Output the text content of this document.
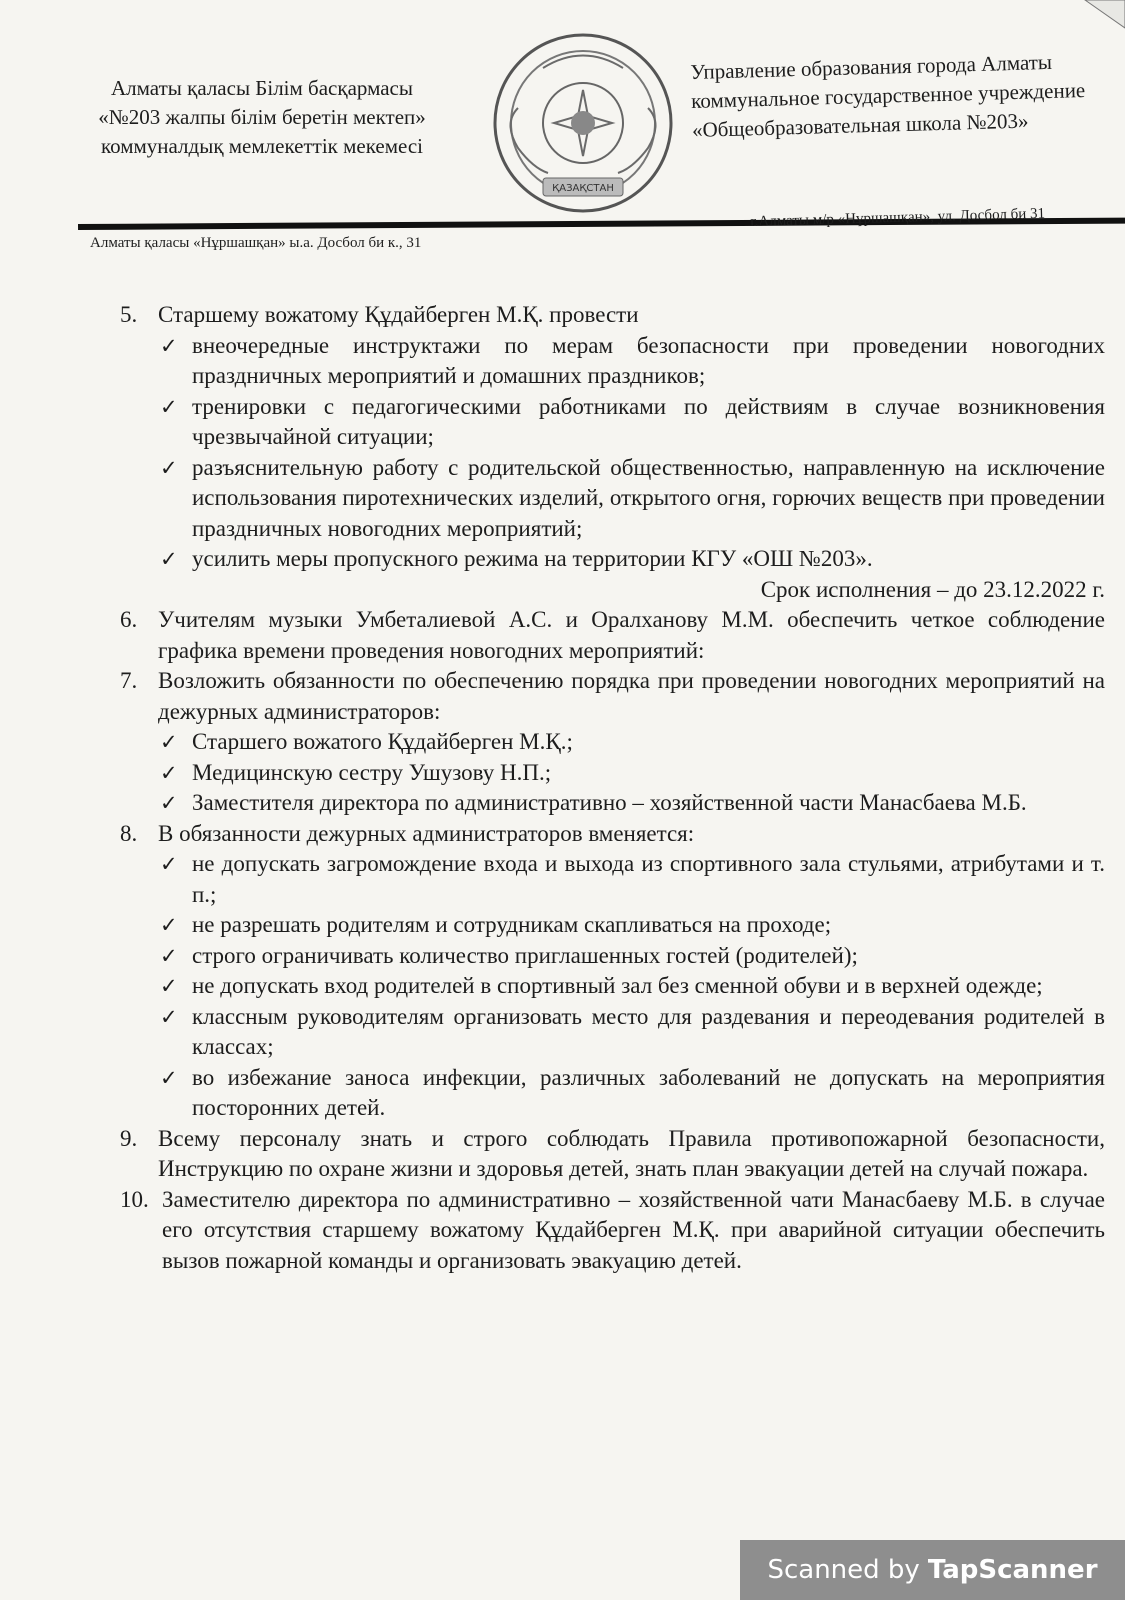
Алматы қаласы Білім басқармасы
«№203 жалпы білім беретін мектеп»
коммуналдық мемлекеттік мекемесі
ҚАЗАҚСТАН
Управление образования города Алматы
коммунальное государственное учреждение
«Общеобразовательная школа №203»
Алматы қаласы «Нұршашқан» ы.а. Досбол би к., 31
г.Алматы м/р «Нұршашқан», ул. Досбол би 31
5. Старшему вожатому Құдайберген М.Қ. провести
✓ внеочередные инструктажи по мерам безопасности при проведении новогодних праздничных мероприятий и домашних праздников;
✓ тренировки с педагогическими работниками по действиям в случае возникновения чрезвычайной ситуации;
✓ разъяснительную работу с родительской общественностью, направленную на исключение использования пиротехнических изделий, открытого огня, горючих веществ при проведении праздничных новогодних мероприятий;
✓ усилить меры пропускного режима на территории КГУ «ОШ №203».
Срок исполнения – до 23.12.2022 г.
6. Учителям музыки Умбеталиевой А.С. и Оралханову М.М. обеспечить четкое соблюдение графика времени проведения новогодних мероприятий:
7. Возложить обязанности по обеспечению порядка при проведении новогодних мероприятий на дежурных администраторов:
✓ Старшего вожатого Құдайберген М.Қ.;
✓ Медицинскую сестру Ушузову Н.П.;
✓ Заместителя директора по административно – хозяйственной части Манасбаева М.Б.
8. В обязанности дежурных администраторов вменяется:
✓ не допускать загромождение входа и выхода из спортивного зала стульями, атрибутами и т. п.;
✓ не разрешать родителям и сотрудникам скапливаться на проходе;
✓ строго ограничивать количество приглашенных гостей (родителей);
✓ не допускать вход родителей в спортивный зал без сменной обуви и в верхней одежде;
✓ классным руководителям организовать место для раздевания и переодевания родителей в классах;
✓ во избежание заноса инфекции, различных заболеваний не допускать на мероприятия посторонних детей.
9. Всему персоналу знать и строго соблюдать Правила противопожарной безопасности, Инструкцию по охране жизни и здоровья детей, знать план эвакуации детей на случай пожара.
10. Заместителю директора по административно – хозяйственной чати Манасбаеву М.Б. в случае его отсутствия старшему вожатому Құдайберген М.Қ. при аварийной ситуации обеспечить вызов пожарной команды и организовать эвакуацию детей.
Scanned by TapScanner
